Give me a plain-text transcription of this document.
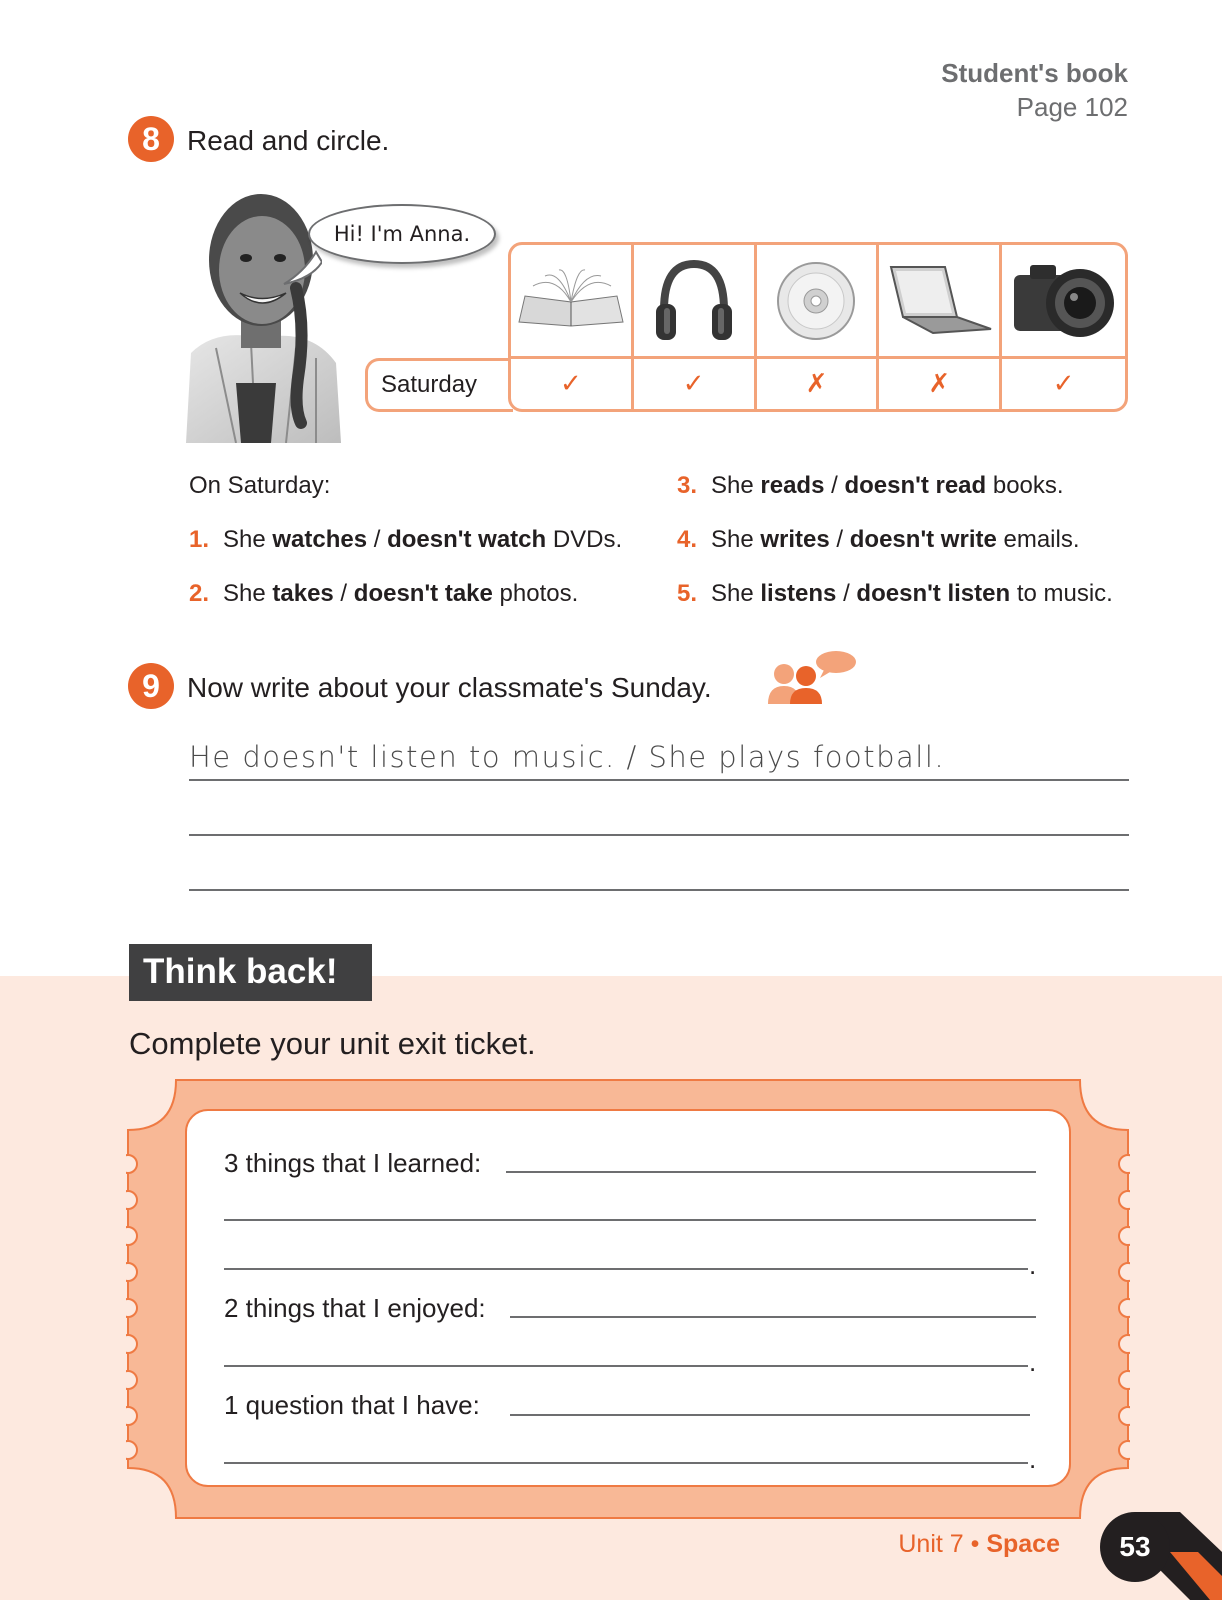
Student's book
Page 102
8 Read and circle.
Hi! I'm Anna.
Saturday	✓	✓	✗	✗	✓
On Saturday:
1. She watches / doesn't watch DVDs.
2. She takes / doesn't take photos.
3. She reads / doesn't read books.
4. She writes / doesn't write emails.
5. She listens / doesn't listen to music.
9 Now write about your classmate's Sunday.
He doesn't listen to music. / She plays football.
Think back!
Complete your unit exit ticket.
3 things that I learned:
.
2 things that I enjoyed:
.
1 question that I have:
.
Unit 7 • Space	53
